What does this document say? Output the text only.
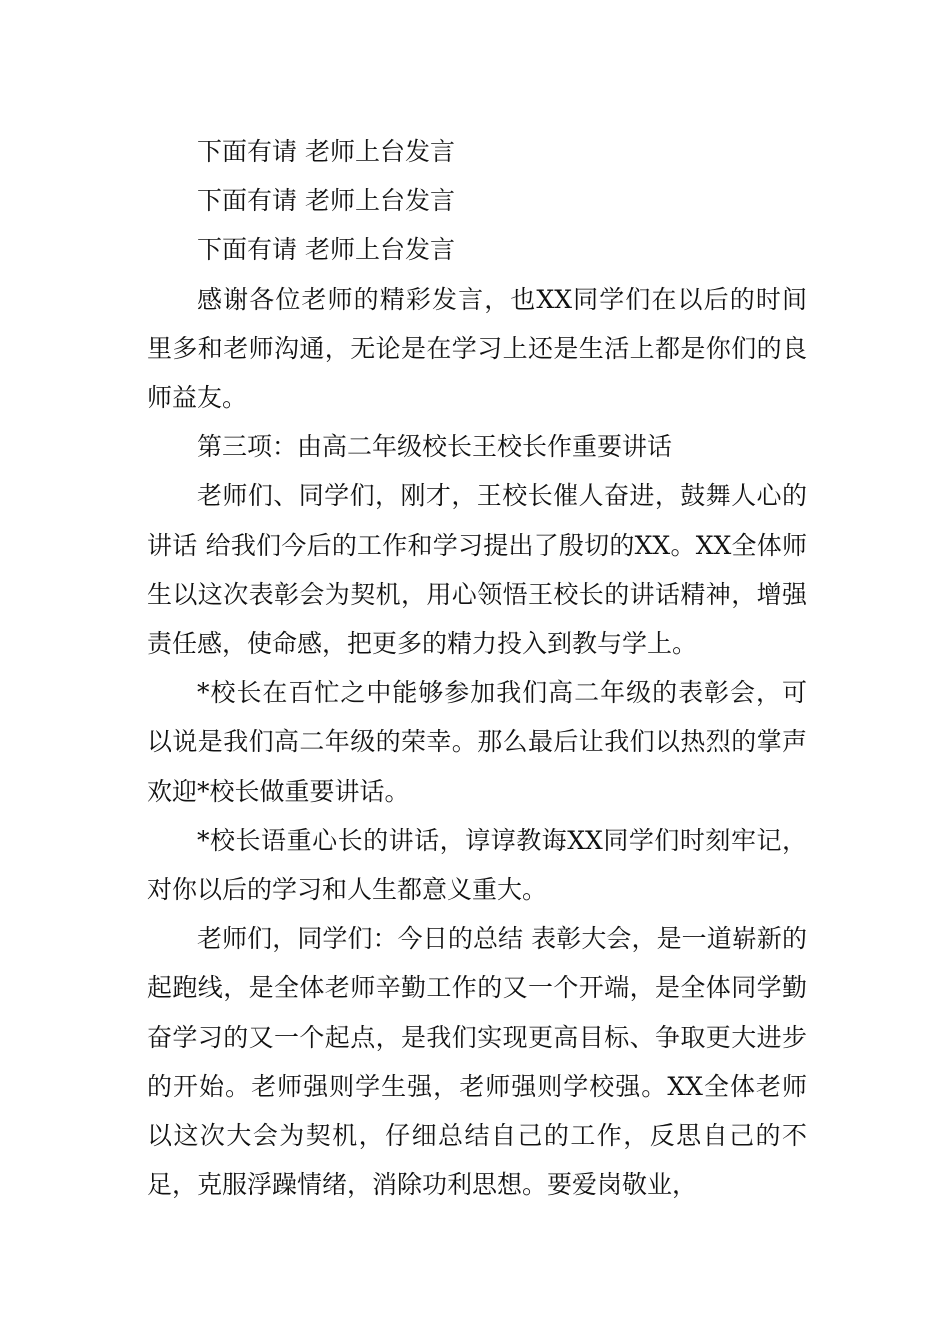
下面有请 老师上台发言

下面有请 老师上台发言

下面有请 老师上台发言

感谢各位老师的精彩发言，也XX同学们在以后的时间里多和老师沟通，无论是在学习上还是生活上都是你们的良师益友。

第三项：由高二年级校长王校长作重要讲话

老师们、同学们，刚才，王校长催人奋进，鼓舞人心的讲话 给我们今后的工作和学习提出了殷切的XX。XX全体师生以这次表彰会为契机，用心领悟王校长的讲话精神，增强责任感，使命感，把更多的精力投入到教与学上。

*校长在百忙之中能够参加我们高二年级的表彰会，可以说是我们高二年级的荣幸。那么最后让我们以热烈的掌声欢迎*校长做重要讲话。

*校长语重心长的讲话，谆谆教诲XX同学们时刻牢记，对你以后的学习和人生都意义重大。

老师们，同学们：今日的总结 表彰大会，是一道崭新的起跑线，是全体老师辛勤工作的又一个开端，是全体同学勤奋学习的又一个起点，是我们实现更高目标、争取更大进步的开始。老师强则学生强，老师强则学校强。XX全体老师以这次大会为契机，仔细总结自己的工作，反思自己的不足，克服浮躁情绪，消除功利思想。要爱岗敬业，
